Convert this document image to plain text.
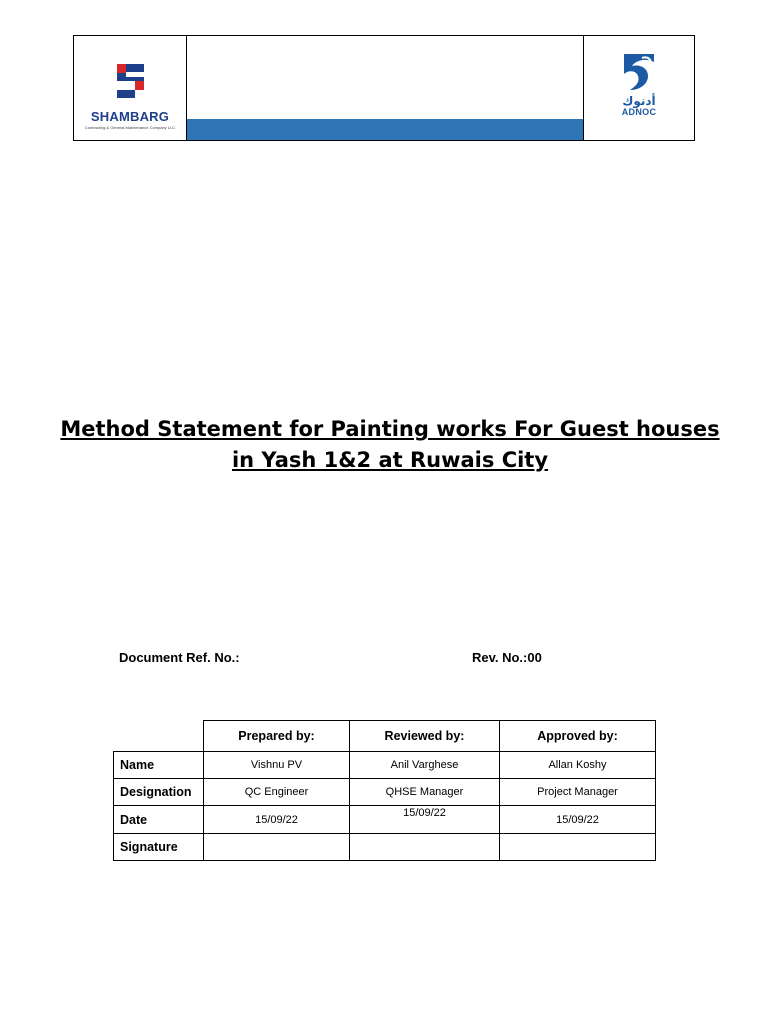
SHAMBARG
Contracting & General Maintenance Company LLC

أدنوك
ADNOC
Method Statement for Painting works For Guest houses
in Yash 1&2 at Ruwais City
Document Ref. No.:	Rev. No.:00
	Prepared by:	Reviewed by:	Approved by:
Name	Vishnu PV	Anil Varghese	Allan Koshy
Designation	QC Engineer	QHSE Manager	Project Manager
Date	15/09/22	15/09/22	15/09/22
Signature			
